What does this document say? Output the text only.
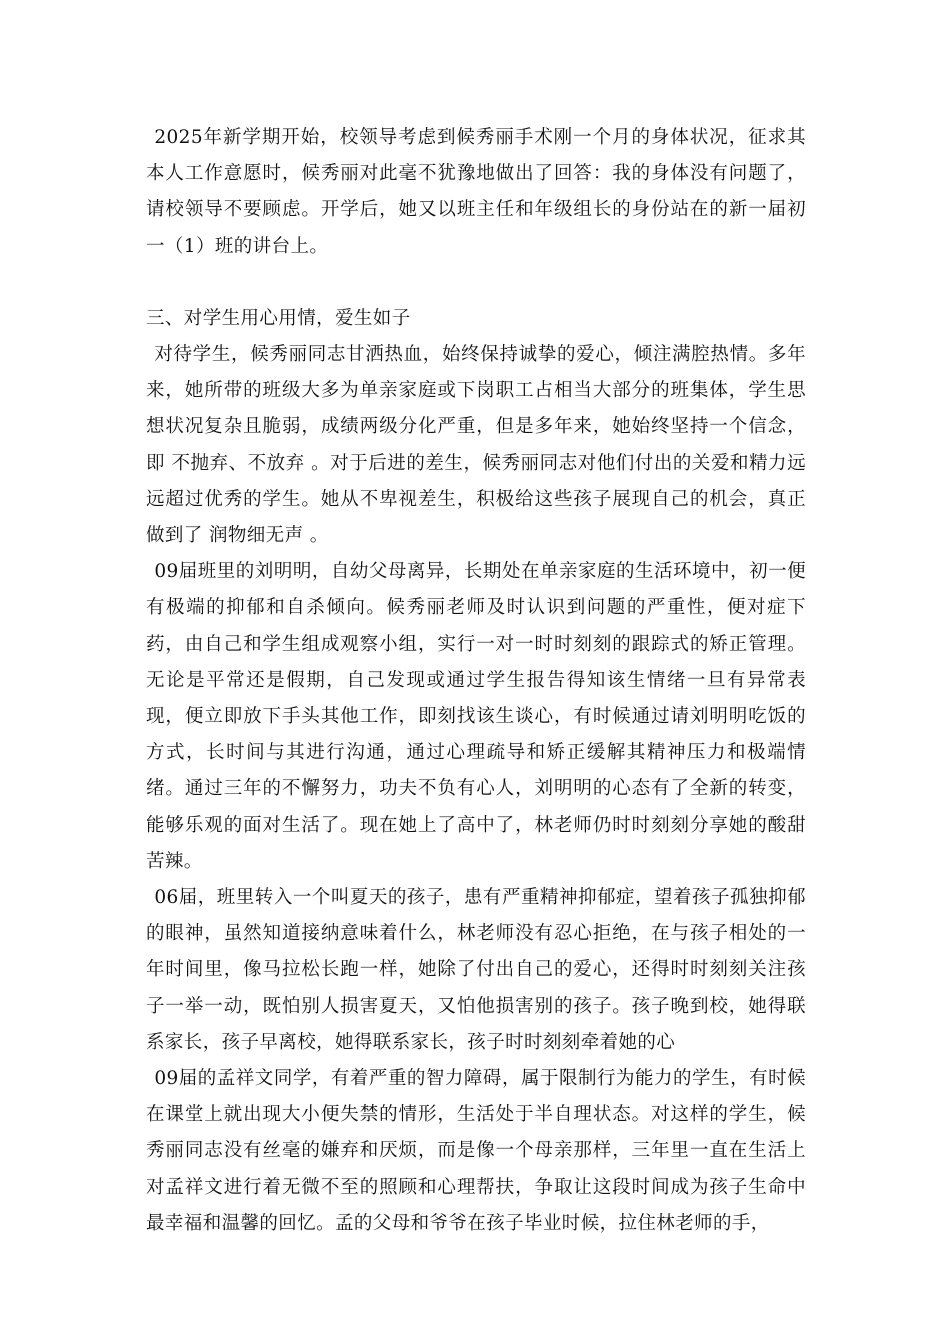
2025年新学期开始，校领导考虑到候秀丽手术刚一个月的身体状况，征求其本人工作意愿时，候秀丽对此毫不犹豫地做出了回答：我的身体没有问题了，请校领导不要顾虑。开学后，她又以班主任和年级组长的身份站在的新一届初一（1）班的讲台上。

三、对学生用心用情，爱生如子

对待学生，候秀丽同志甘洒热血，始终保持诚挚的爱心，倾注满腔热情。多年来，她所带的班级大多为单亲家庭或下岗职工占相当大部分的班集体，学生思想状况复杂且脆弱，成绩两级分化严重，但是多年来，她始终坚持一个信念，即 不抛弃、不放弃 。对于后进的差生，候秀丽同志对他们付出的关爱和精力远远超过优秀的学生。她从不卑视差生，积极给这些孩子展现自己的机会，真正做到了 润物细无声 。

09届班里的刘明明，自幼父母离异，长期处在单亲家庭的生活环境中，初一便有极端的抑郁和自杀倾向。候秀丽老师及时认识到问题的严重性，便对症下药，由自己和学生组成观察小组，实行一对一时时刻刻的跟踪式的矫正管理。无论是平常还是假期，自己发现或通过学生报告得知该生情绪一旦有异常表现，便立即放下手头其他工作，即刻找该生谈心，有时候通过请刘明明吃饭的方式，长时间与其进行沟通，通过心理疏导和矫正缓解其精神压力和极端情绪。通过三年的不懈努力，功夫不负有心人，刘明明的心态有了全新的转变，能够乐观的面对生活了。现在她上了高中了，林老师仍时时刻刻分享她的酸甜苦辣。

06届，班里转入一个叫夏天的孩子，患有严重精神抑郁症，望着孩子孤独抑郁的眼神，虽然知道接纳意味着什么，林老师没有忍心拒绝，在与孩子相处的一年时间里，像马拉松长跑一样，她除了付出自己的爱心，还得时时刻刻关注孩子一举一动，既怕别人损害夏天，又怕他损害别的孩子。孩子晚到校，她得联系家长，孩子早离校，她得联系家长，孩子时时刻刻牵着她的心

09届的孟祥文同学，有着严重的智力障碍，属于限制行为能力的学生，有时候在课堂上就出现大小便失禁的情形，生活处于半自理状态。对这样的学生，候秀丽同志没有丝毫的嫌弃和厌烦，而是像一个母亲那样，三年里一直在生活上对孟祥文进行着无微不至的照顾和心理帮扶，争取让这段时间成为孩子生命中最幸福和温馨的回忆。孟的父母和爷爷在孩子毕业时候，拉住林老师的手，
